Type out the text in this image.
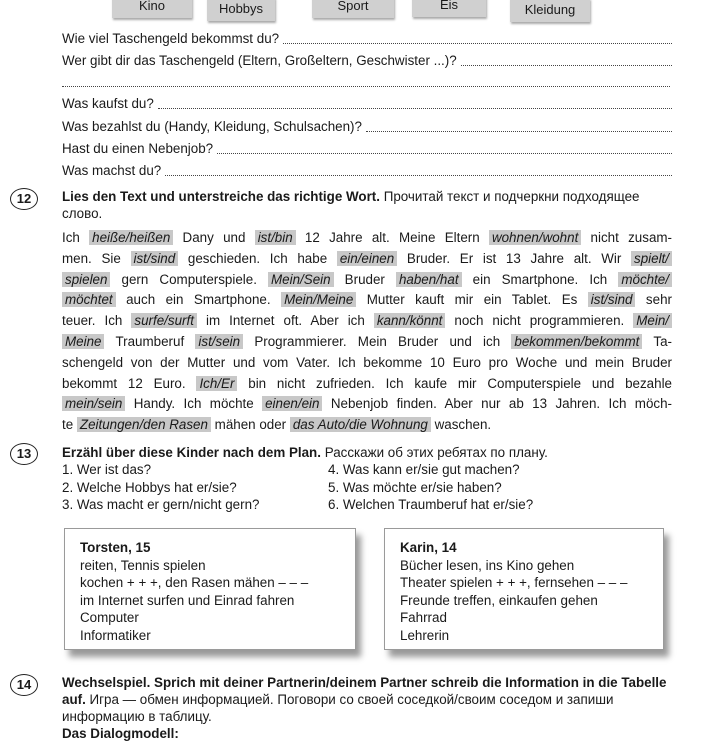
Kino	Hobbys	Sport	Eis	Kleidung
Wie viel Taschengeld bekommst du?
Wer gibt dir das Taschengeld (Eltern, Großeltern, Geschwister ...)?
Was kaufst du?
Was bezahlst du (Handy, Kleidung, Schulsachen)?
Hast du einen Nebenjob?
Was machst du?
12	Lies den Text und unterstreiche das richtige Wort. Прочитай текст и подчеркни подходящее слово.
Ich heiße/heißen Dany und ist/bin 12 Jahre alt. Meine Eltern wohnen/wohnt nicht zusam-
men. Sie ist/sind geschieden. Ich habe ein/einen Bruder. Er ist 13 Jahre alt. Wir spielt/
spielen gern Computerspiele. Mein/Sein Bruder haben/hat ein Smartphone. Ich möchte/
möchtet auch ein Smartphone. Mein/Meine Mutter kauft mir ein Tablet. Es ist/sind sehr
teuer. Ich surfe/surft im Internet oft. Aber ich kann/könnt noch nicht programmieren. Mein/
Meine Traumberuf ist/sein Programmierer. Mein Bruder und ich bekommen/bekommt Ta-
schengeld von der Mutter und vom Vater. Ich bekomme 10 Euro pro Woche und mein Bruder
bekommt 12 Euro. Ich/Er bin nicht zufrieden. Ich kaufe mir Computerspiele und bezahle
mein/sein Handy. Ich möchte einen/ein Nebenjob finden. Aber nur ab 13 Jahren. Ich möch-
te Zeitungen/den Rasen mähen oder das Auto/die Wohnung waschen.
13	Erzähl über diese Kinder nach dem Plan. Расскажи об этих ребятах по плану.
1. Wer ist das?
2. Welche Hobbys hat er/sie?
3. Was macht er gern/nicht gern?
4. Was kann er/sie gut machen?
5. Was möchte er/sie haben?
6. Welchen Traumberuf hat er/sie?
Torsten, 15
reiten, Tennis spielen
kochen + + +, den Rasen mähen – – –
im Internet surfen und Einrad fahren
Computer
Informatiker
Karin, 14
Bücher lesen, ins Kino gehen
Theater spielen + + +, fernsehen – – –
Freunde treffen, einkaufen gehen
Fahrrad
Lehrerin
14	Wechselspiel. Sprich mit deiner Partnerin/deinem Partner schreib die Information in die Tabelle auf. Игра — обмен информацией. Поговори со своей соседкой/своим соседом и запиши информацию в таблицу.
Das Dialogmodell:
